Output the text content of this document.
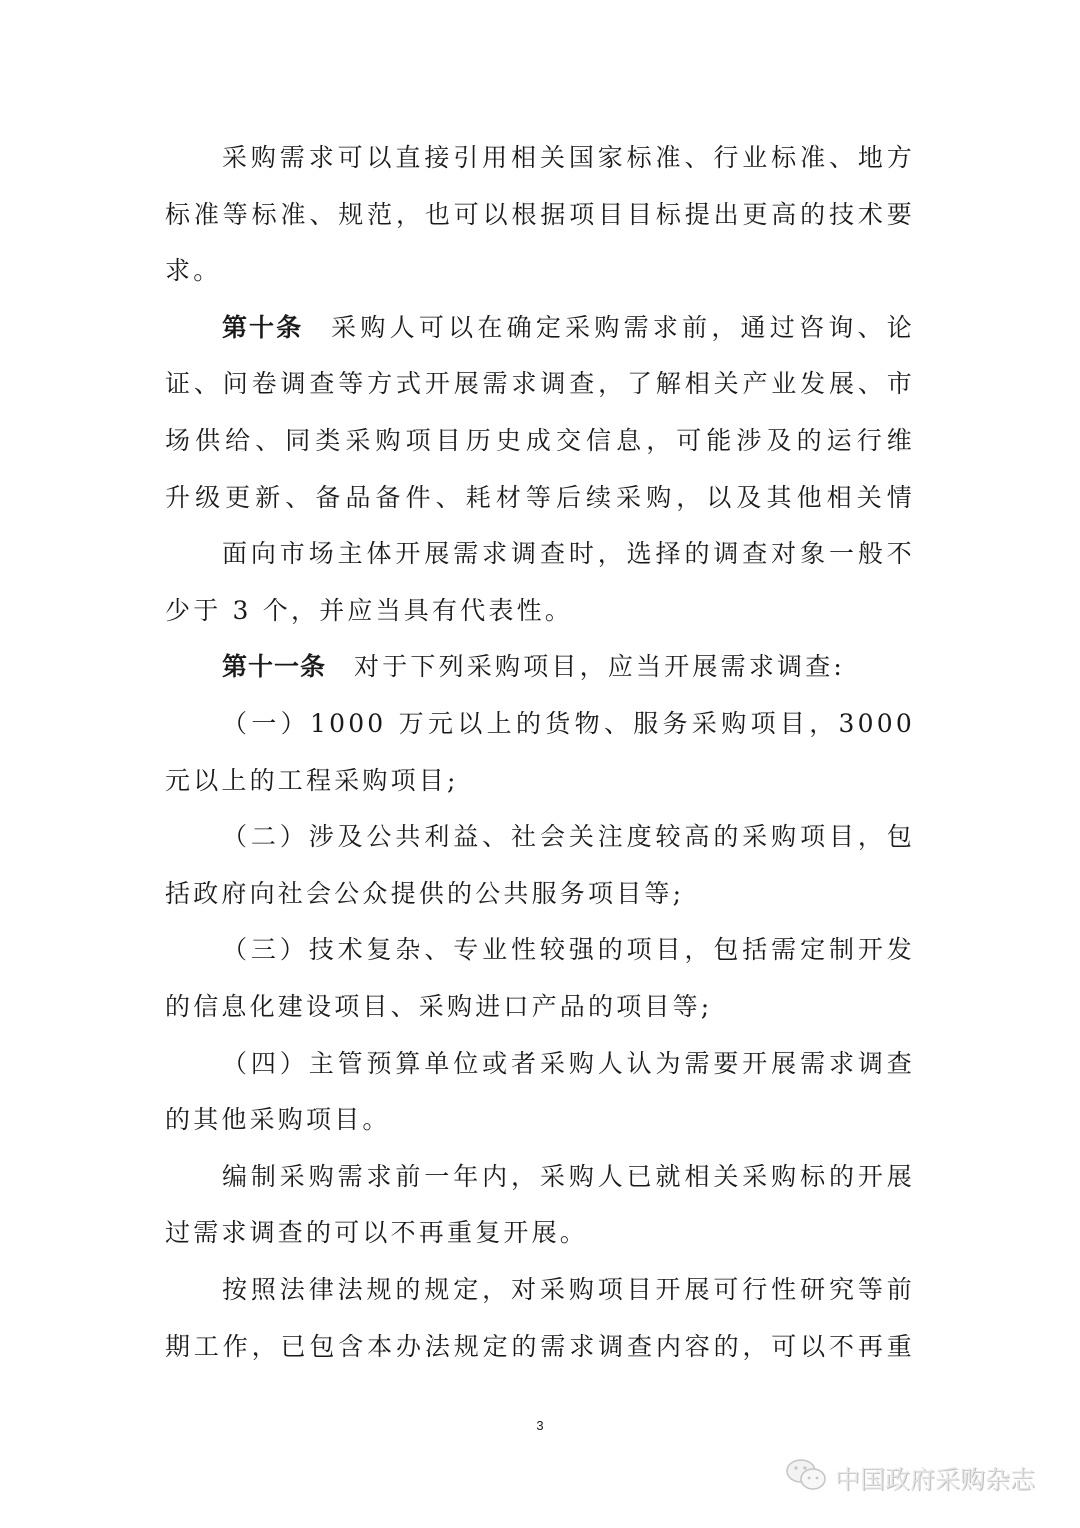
采购需求可以直接引用相关国家标准、行业标准、地方
标准等标准、规范，也可以根据项目目标提出更高的技术要
求。
第十条 采购人可以在确定采购需求前，通过咨询、论
证、问卷调查等方式开展需求调查，了解相关产业发展、市
场供给、同类采购项目历史成交信息，可能涉及的运行维
升级更新、备品备件、耗材等后续采购，以及其他相关情
面向市场主体开展需求调查时，选择的调查对象一般不
少于 3 个，并应当具有代表性。
第十一条 对于下列采购项目，应当开展需求调查:
（一）1000 万元以上的货物、服务采购项目，3000
元以上的工程采购项目;
（二）涉及公共利益、社会关注度较高的采购项目，包
括政府向社会公众提供的公共服务项目等;
（三）技术复杂、专业性较强的项目，包括需定制开发
的信息化建设项目、采购进口产品的项目等;
（四）主管预算单位或者采购人认为需要开展需求调查
的其他采购项目。
编制采购需求前一年内，采购人已就相关采购标的开展
过需求调查的可以不再重复开展。
按照法律法规的规定，对采购项目开展可行性研究等前
期工作，已包含本办法规定的需求调查内容的，可以不再重
3
中国政府采购杂志
